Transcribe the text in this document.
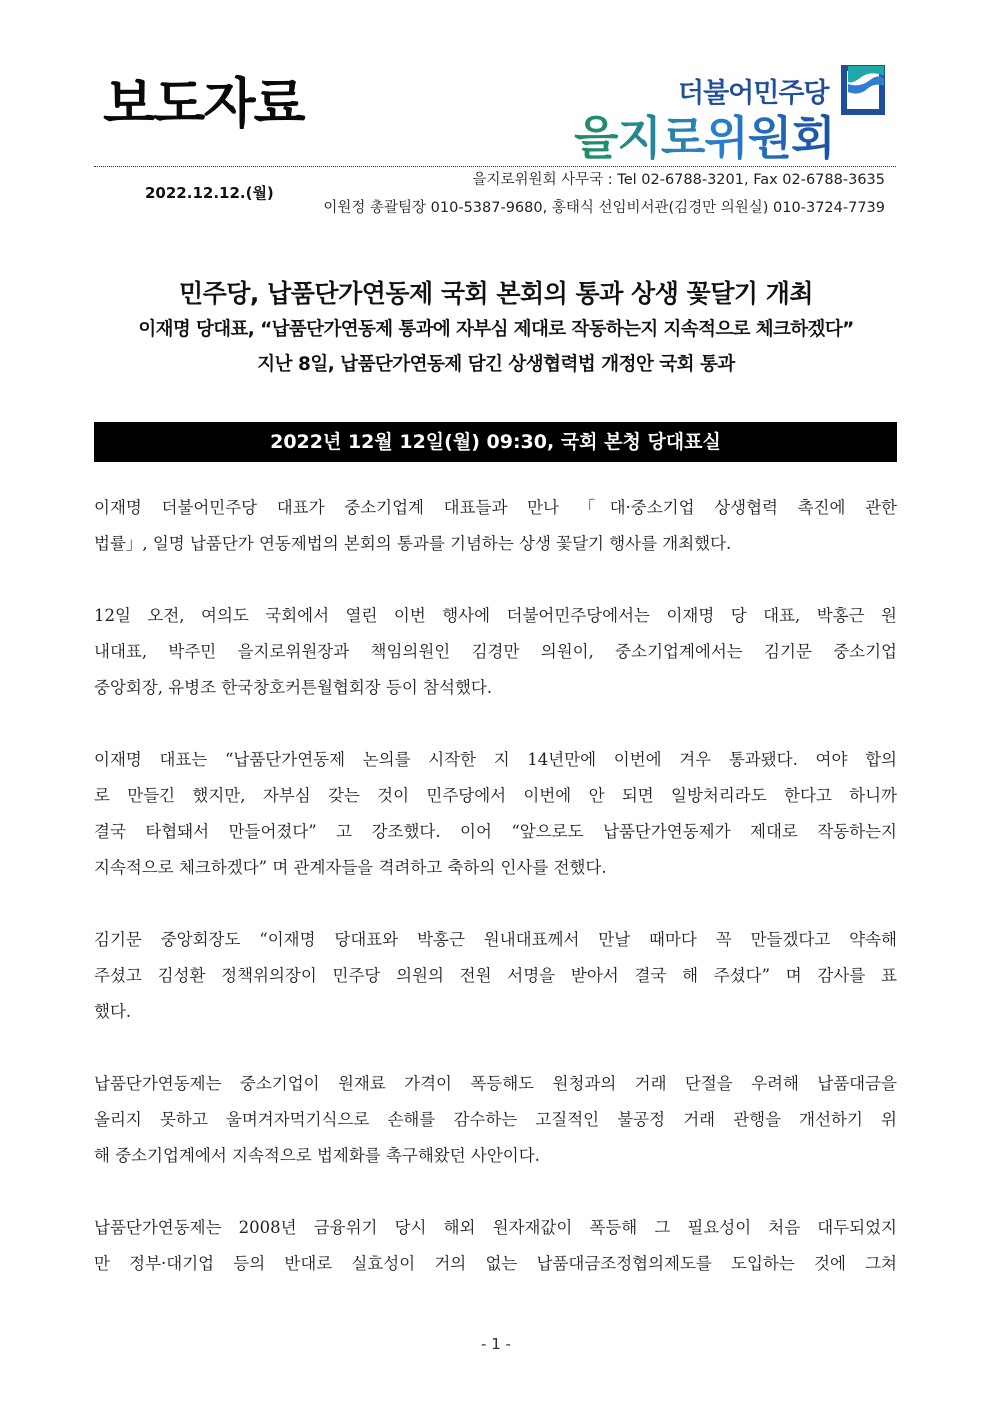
보도자료	더불어민주당
을지로위원회
2022.12.12.(월)
을지로위원회 사무국 : Tel 02-6788-3201, Fax 02-6788-3635
이원정 총괄팀장 010-5387-9680, 홍태식 선임비서관(김경만 의원실) 010-3724-7739
민주당, 납품단가연동제 국회 본회의 통과 상생 꽃달기 개최
이재명 당대표, “납품단가연동제 통과에 자부심 제대로 작동하는지 지속적으로 체크하겠다”
지난 8일, 납품단가연동제 담긴 상생협력법 개정안 국회 통과
2022년 12월 12일(월) 09:30, 국회 본청 당대표실
이재명 더불어민주당 대표가 중소기업계 대표들과 만나 「대·중소기업 상생협력 촉진에 관한
법률」, 일명 납품단가 연동제법의 본회의 통과를 기념하는 상생 꽃달기 행사를 개최했다.
12일 오전, 여의도 국회에서 열린 이번 행사에 더불어민주당에서는 이재명 당 대표, 박홍근 원
내대표, 박주민 을지로위원장과 책임의원인 김경만 의원이, 중소기업계에서는 김기문 중소기업
중앙회장, 유병조 한국창호커튼월협회장 등이 참석했다.
이재명 대표는 “납품단가연동제 논의를 시작한 지 14년만에 이번에 겨우 통과됐다. 여야 합의
로 만들긴 했지만, 자부심 갖는 것이 민주당에서 이번에 안 되면 일방처리라도 한다고 하니까
결국 타협돼서 만들어졌다” 고 강조했다. 이어 “앞으로도 납품단가연동제가 제대로 작동하는지
지속적으로 체크하겠다” 며 관계자들을 격려하고 축하의 인사를 전했다.
김기문 중앙회장도 “이재명 당대표와 박홍근 원내대표께서 만날 때마다 꼭 만들겠다고 약속해
주셨고 김성환 정책위의장이 민주당 의원의 전원 서명을 받아서 결국 해 주셨다” 며 감사를 표
했다.
납품단가연동제는 중소기업이 원재료 가격이 폭등해도 원청과의 거래 단절을 우려해 납품대금을
올리지 못하고 울며겨자먹기식으로 손해를 감수하는 고질적인 불공정 거래 관행을 개선하기 위
해 중소기업계에서 지속적으로 법제화를 촉구해왔던 사안이다.
납품단가연동제는 2008년 금융위기 당시 해외 원자재값이 폭등해 그 필요성이 처음 대두되었지
만 정부·대기업 등의 반대로 실효성이 거의 없는 납품대금조정협의제도를 도입하는 것에 그쳐
- 1 -
